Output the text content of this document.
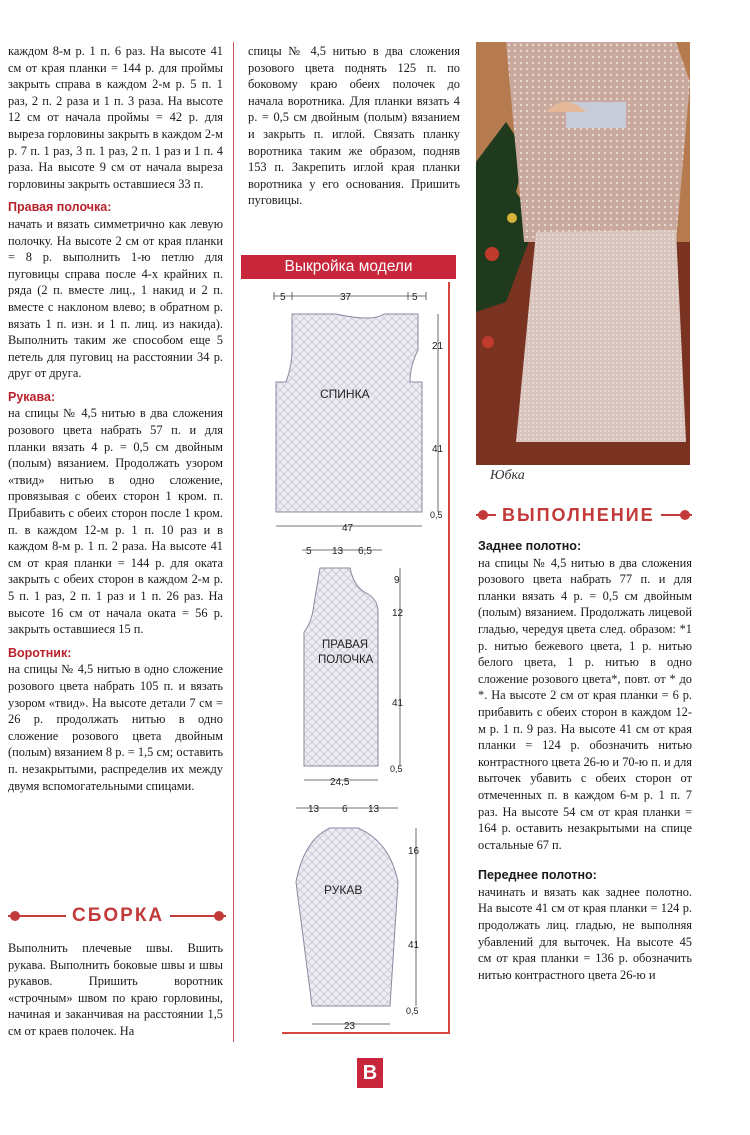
каждом 8-м р. 1 п. 6 раз. На высоте 41 см от края планки = 144 р. для проймы закрыть справа в каждом 2-м р. 5 п. 1 раз, 2 п. 2 раза и 1 п. 3 раза. На высоте 12 см от начала проймы = 42 р. для выреза горловины закрыть в каждом 2-м р. 7 п. 1 раз, 3 п. 1 раз, 2 п. 1 раз и 1 п. 4 раза. На высоте 9 см от начала выреза горловины закрыть оставшиеся 33 п.

Правая полочка:

начать и вязать симметрично как левую полочку. На высоте 2 см от края планки = 8 р. выполнить 1-ю петлю для пуговицы справа после 4-х крайних п. ряда (2 п. вместе лиц., 1 накид и 2 п. вместе с наклоном влево; в обратном р. вязать 1 п. изн. и 1 п. лиц. из накида). Выполнить таким же способом еще 5 петель для пуговиц на расстоянии 34 р. друг от друга.

Рукава:

на спицы № 4,5 нитью в два сложения розового цвета набрать 57 п. и для планки вязать 4 р. = 0,5 см двойным (полым) вязанием. Продолжать узором «твид» нитью в одно сложение, провязывая с обеих сторон 1 кром. п. Прибавить с обеих сторон после 1 кром. п. в каждом 12-м р. 1 п. 10 раз и в каждом 8-м р. 1 п. 2 раза. На высоте 41 см от края планки = 144 р. для оката закрыть с обеих сторон в каждом 2-м р. 5 п. 1 раз, 2 п. 1 раз и 1 п. 26 раз. На высоте 16 см от начала оката = 56 р. закрыть оставшиеся 15 п.

Воротник:

на спицы № 4,5 нитью в одно сложение розового цвета набрать 105 п. и вязать узором «твид». На высоте детали 7 см = 26 р. продолжать нитью в одно сложение розового цвета двойным (полым) вязанием 8 р. = 1,5 см; оставить п. незакрытыми, распределив их между двумя вспомогательными спицами.

СБОРКА

Выполнить плечевые швы. Вшить рукава. Выполнить боковые швы и швы рукавов. Пришить воротник «строчным» швом по краю горловины, начиная и заканчивая на расстоянии 1,5 см от краев полочек. На

спицы № 4,5 нитью в два сложения розового цвета поднять 125 п. по боковому краю обеих полочек до начала воротника. Для планки вязать 4 р. = 0,5 см двойным (полым) вязанием и закрыть п. иглой. Связать планку воротника таким же образом, подняв 153 п. Закрепить иглой края планки воротника у его основания. Пришить пуговицы.

Выкройка модели
5	37	5
21
41
0,5
СПИНКА
47
5 13 6,5
9
12
41
0,5
ПРАВАЯ
ПОЛОЧКА
24,5
13 6 13
16
41
0,5
РУКАВ
23
B
Юбка
ВЫПОЛНЕНИЕ

Заднее полотно:

на спицы № 4,5 нитью в два сложения розового цвета набрать 77 п. и для планки вязать 4 р. = 0,5 см двойным (полым) вязанием. Продолжать лицевой гладью, чередуя цвета след. образом: *1 р. нитью бежевого цвета, 1 р. нитью белого цвета, 1 р. нитью в одно сложение розового цвета*, повт. от * до *. На высоте 2 см от края планки = 6 р. прибавить с обеих сторон в каждом 12-м р. 1 п. 9 раз. На высоте 41 см от края планки = 124 р. обозначить нитью контрастного цвета 26-ю и 70-ю п. и для выточек убавить с обеих сторон от отмеченных п. в каждом 6-м р. 1 п. 7 раз. На высоте 54 см от края планки = 164 р. оставить незакрытыми на спице остальные 67 п.

Переднее полотно:

начинать и вязать как заднее полотно. На высоте 41 см от края планки = 124 р. продолжать лиц. гладью, не выполняя убавлений для выточек. На высоте 45 см от края планки = 136 р. обозначить нитью контрастного цвета 26-ю и
